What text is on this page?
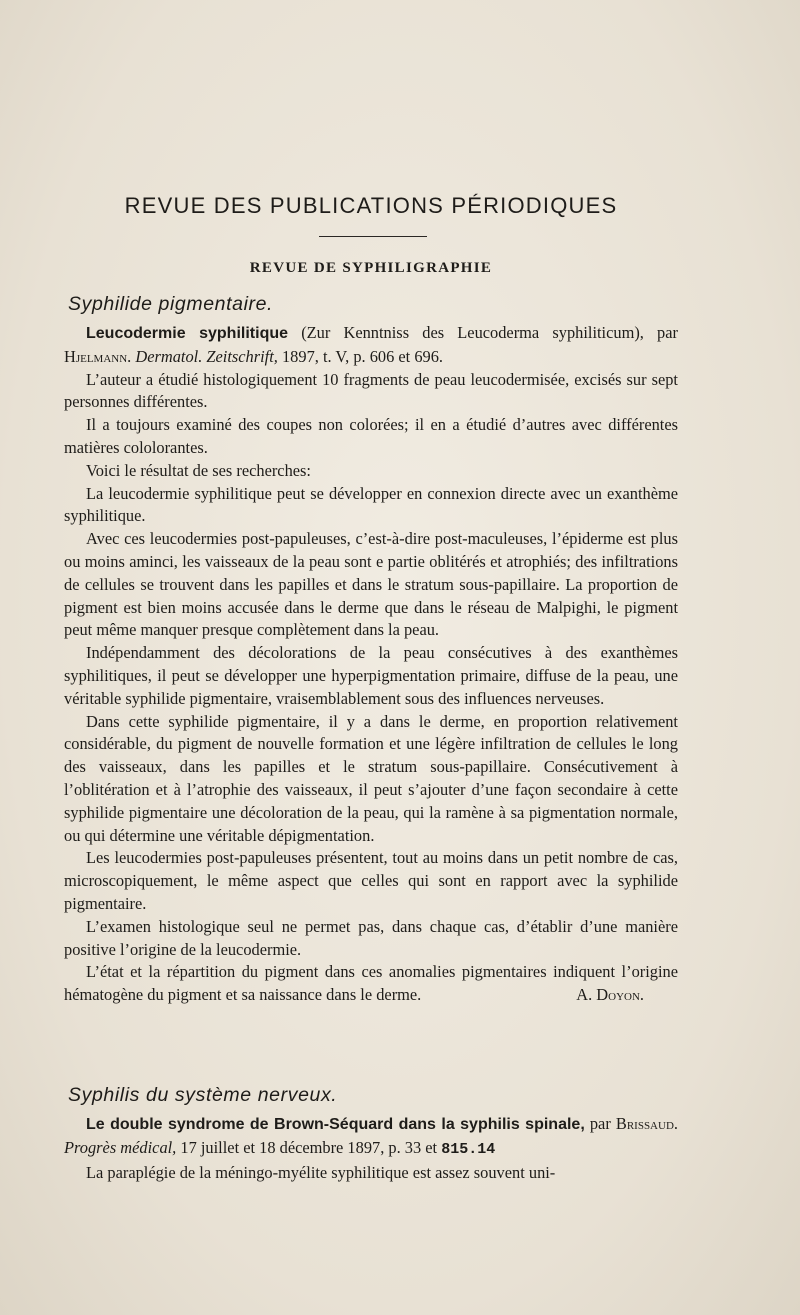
REVUE DES PUBLICATIONS PÉRIODIQUES
REVUE DE SYPHILIGRAPHIE
Syphilide pigmentaire.

Leucodermie syphilitique (Zur Kenntniss des Leucoderma syphiliticum), par Hjelmann. Dermatol. Zeitschrift, 1897, t. V, p. 606 et 696.

L’auteur a étudié histologiquement 10 fragments de peau leucodermisée, excisés sur sept personnes différentes.

Il a toujours examiné des coupes non colorées; il en a étudié d’autres avec différentes matières cololorantes.

Voici le résultat de ses recherches:

La leucodermie syphilitique peut se développer en connexion directe avec un exanthème syphilitique.

Avec ces leucodermies post-papuleuses, c’est-à-dire post-maculeuses, l’épiderme est plus ou moins aminci, les vaisseaux de la peau sont e partie oblitérés et atrophiés; des infiltrations de cellules se trouvent dans les papilles et dans le stratum sous-papillaire. La proportion de pigment est bien moins accusée dans le derme que dans le réseau de Malpighi, le pigment peut même manquer presque complètement dans la peau.

Indépendamment des décolorations de la peau consécutives à des exanthèmes syphilitiques, il peut se développer une hyperpigmentation primaire, diffuse de la peau, une véritable syphilide pigmentaire, vraisemblablement sous des influences nerveuses.

Dans cette syphilide pigmentaire, il y a dans le derme, en proportion relativement considérable, du pigment de nouvelle formation et une légère infiltration de cellules le long des vaisseaux, dans les papilles et le stratum sous-papillaire. Consécutivement à l’oblitération et à l’atrophie des vaisseaux, il peut s’ajouter d’une façon secondaire à cette syphilide pigmentaire une décoloration de la peau, qui la ramène à sa pigmentation normale, ou qui détermine une véritable dépigmentation.

Les leucodermies post-papuleuses présentent, tout au moins dans un petit nombre de cas, microscopiquement, le même aspect que celles qui sont en rapport avec la syphilide pigmentaire.

L’examen histologique seul ne permet pas, dans chaque cas, d’établir d’une manière positive l’origine de la leucodermie.

L’état et la répartition du pigment dans ces anomalies pigmentaires indiquent l’origine hématogène du pigment et sa naissance dans le derme.	A. Doyon.

Syphilis du système nerveux.

Le double syndrome de Brown-Séquard dans la syphilis spinale, par Brissaud. Progrès médical, 17 juillet et 18 décembre 1897, p. 33 et 815.14

La paraplégie de la méningo-myélite syphilitique est assez souvent uni-
